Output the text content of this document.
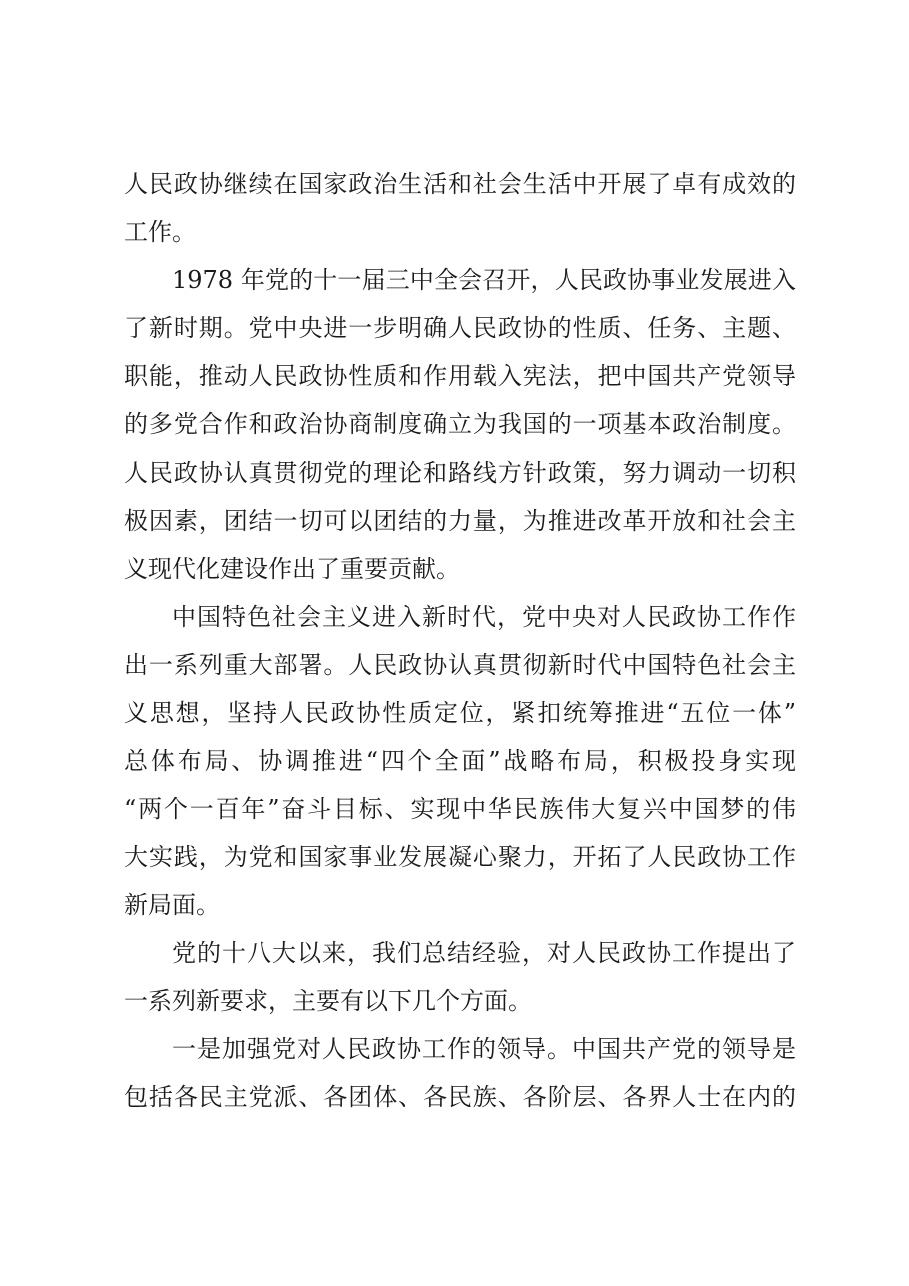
人民政协继续在国家政治生活和社会生活中开展了卓有成效的
工作。
1978 年党的十一届三中全会召开，人民政协事业发展进入
了新时期。党中央进一步明确人民政协的性质、任务、主题、
职能，推动人民政协性质和作用载入宪法，把中国共产党领导
的多党合作和政治协商制度确立为我国的一项基本政治制度。
人民政协认真贯彻党的理论和路线方针政策，努力调动一切积
极因素，团结一切可以团结的力量，为推进改革开放和社会主
义现代化建设作出了重要贡献。
中国特色社会主义进入新时代，党中央对人民政协工作作
出一系列重大部署。人民政协认真贯彻新时代中国特色社会主
义思想，坚持人民政协性质定位，紧扣统筹推进“五位一体”
总体布局、协调推进“四个全面”战略布局，积极投身实现
“两个一百年”奋斗目标、实现中华民族伟大复兴中国梦的伟
大实践，为党和国家事业发展凝心聚力，开拓了人民政协工作
新局面。
党的十八大以来，我们总结经验，对人民政协工作提出了
一系列新要求，主要有以下几个方面。
一是加强党对人民政协工作的领导。中国共产党的领导是
包括各民主党派、各团体、各民族、各阶层、各界人士在内的
